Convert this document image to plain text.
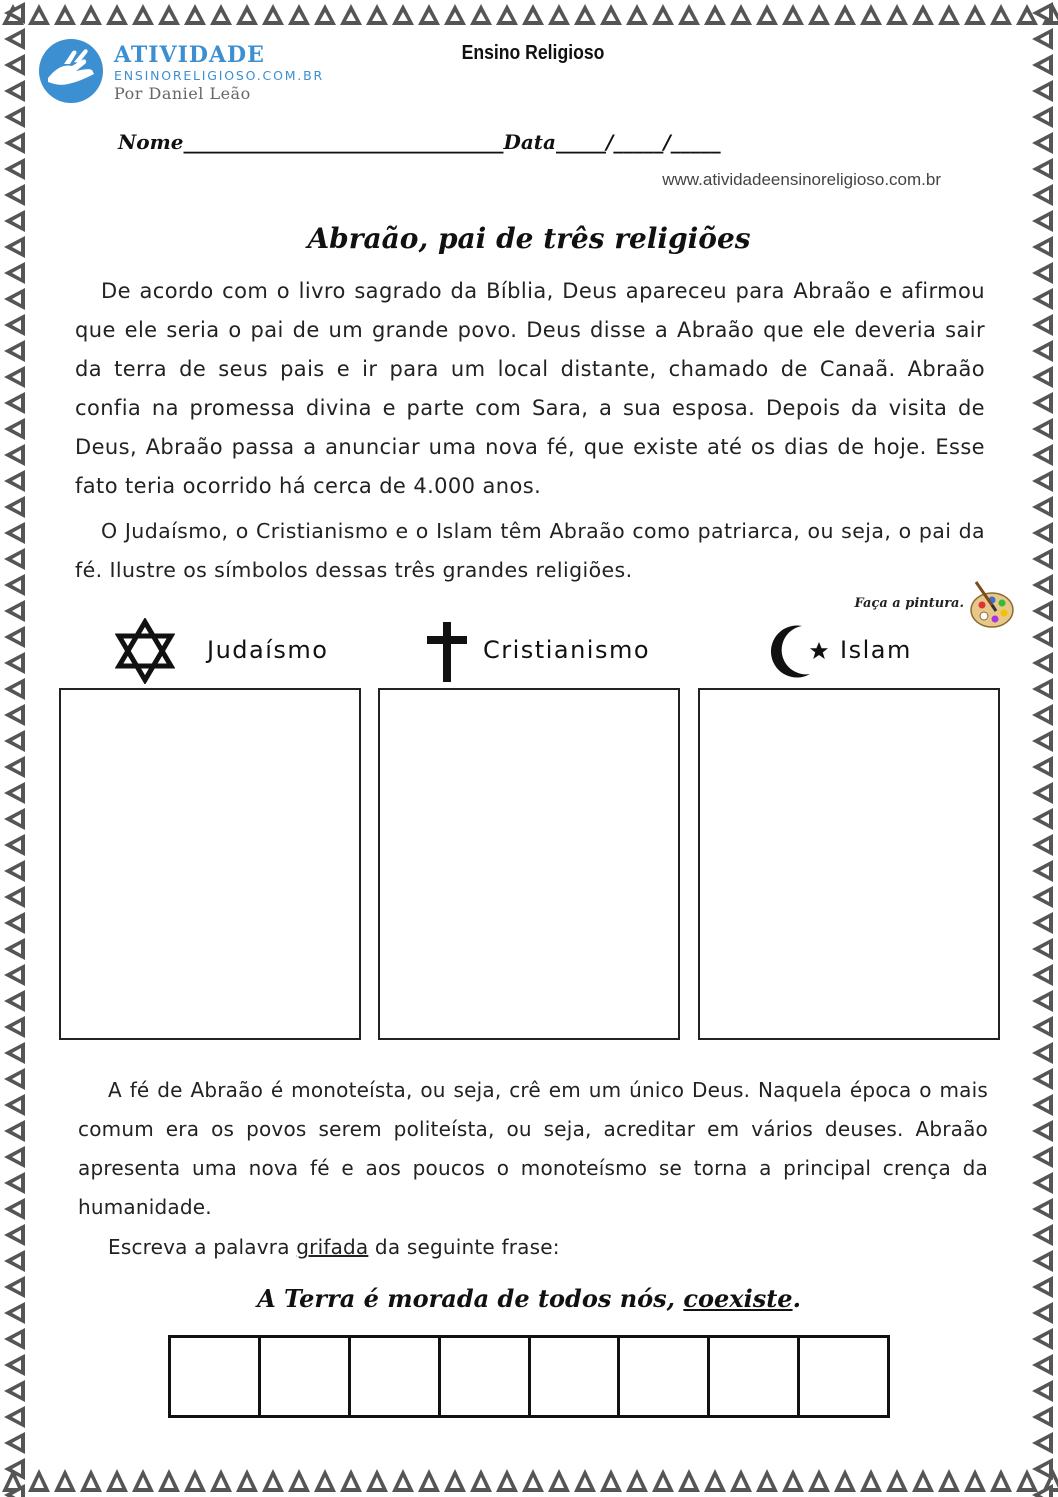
ATIVIDADE
ENSINORELIGIOSO.COM.BR
Por Daniel Leão
Ensino Religioso
Nome________________________________Data_____/_____/_____
www.atividadeensinoreligioso.com.br
Abraão, pai de três religiões

De acordo com o livro sagrado da Bíblia, Deus apareceu para Abraão e afirmou que ele seria o pai de um grande povo. Deus disse a Abraão que ele deveria sair da terra de seus pais e ir para um local distante, chamado de Canaã. Abraão confia na promessa divina e parte com Sara, a sua esposa. Depois da visita de Deus, Abraão passa a anunciar uma nova fé, que existe até os dias de hoje. Esse fato teria ocorrido há cerca de 4.000 anos.

O Judaísmo, o Cristianismo e o Islam têm Abraão como patriarca, ou seja, o pai da fé. Ilustre os símbolos dessas três grandes religiões.

Faça a pintura.
Judaísmo	Cristianismo	Islam

A fé de Abraão é monoteísta, ou seja, crê em um único Deus. Naquela época o mais comum era os povos serem politeísta, ou seja, acreditar em vários deuses. Abraão apresenta uma nova fé e aos poucos o monoteísmo se torna a principal crença da humanidade.

Escreva a palavra grifada da seguinte frase:

A Terra é morada de todos nós, coexiste.
